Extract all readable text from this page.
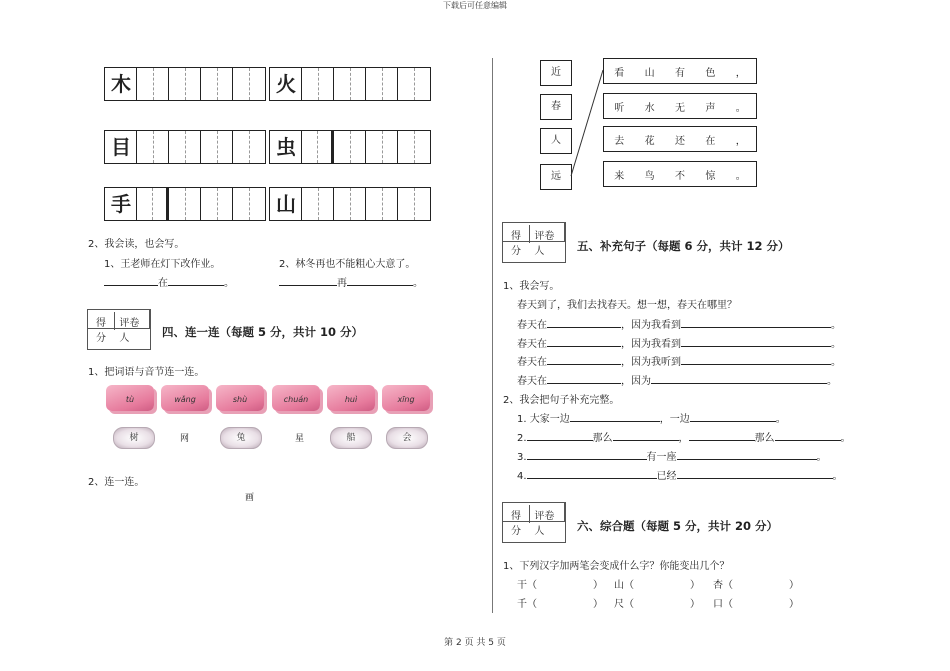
下载后可任意编辑
木	火
目	虫
手	山
2、我会读，也会写。
1、王老师在灯下改作业。	2、林冬再也不能粗心大意了。
在	。	再	。
得分
评卷人	四、连一连（每题 5 分，共计 10 分）
1、把词语与音节连一连。
tù	wǎng	shù	chuán	huì	xīng
树	网	兔	星	船	会
2、连一连。
画
近
春
人
远
看 山 有 色 ，
听 水 无 声 。
去 花 还 在 ，
来 鸟 不 惊 。
得分
评卷人	五、补充句子（每题 6 分，共计 12 分）
1、我会写。
春天到了，我们去找春天。想一想，春天在哪里？
春天在	，因为我看到	。
春天在	，因为我看到	。
春天在	，因为我听到	。
春天在	，因为	。
2、我会把句子补充完整。
1. 大家一边	，一边	。
2.	那么	，	那么	。
3.	有一座	。
4.	已经	。
得分
评卷人	六、综合题（每题 5 分，共计 20 分）
1、下列汉字加两笔会变成什么字？你能变出几个？
干（	） 山（	） 杏（	）
千（	） 尺（	） 口（	）
第 2 页 共 5 页
